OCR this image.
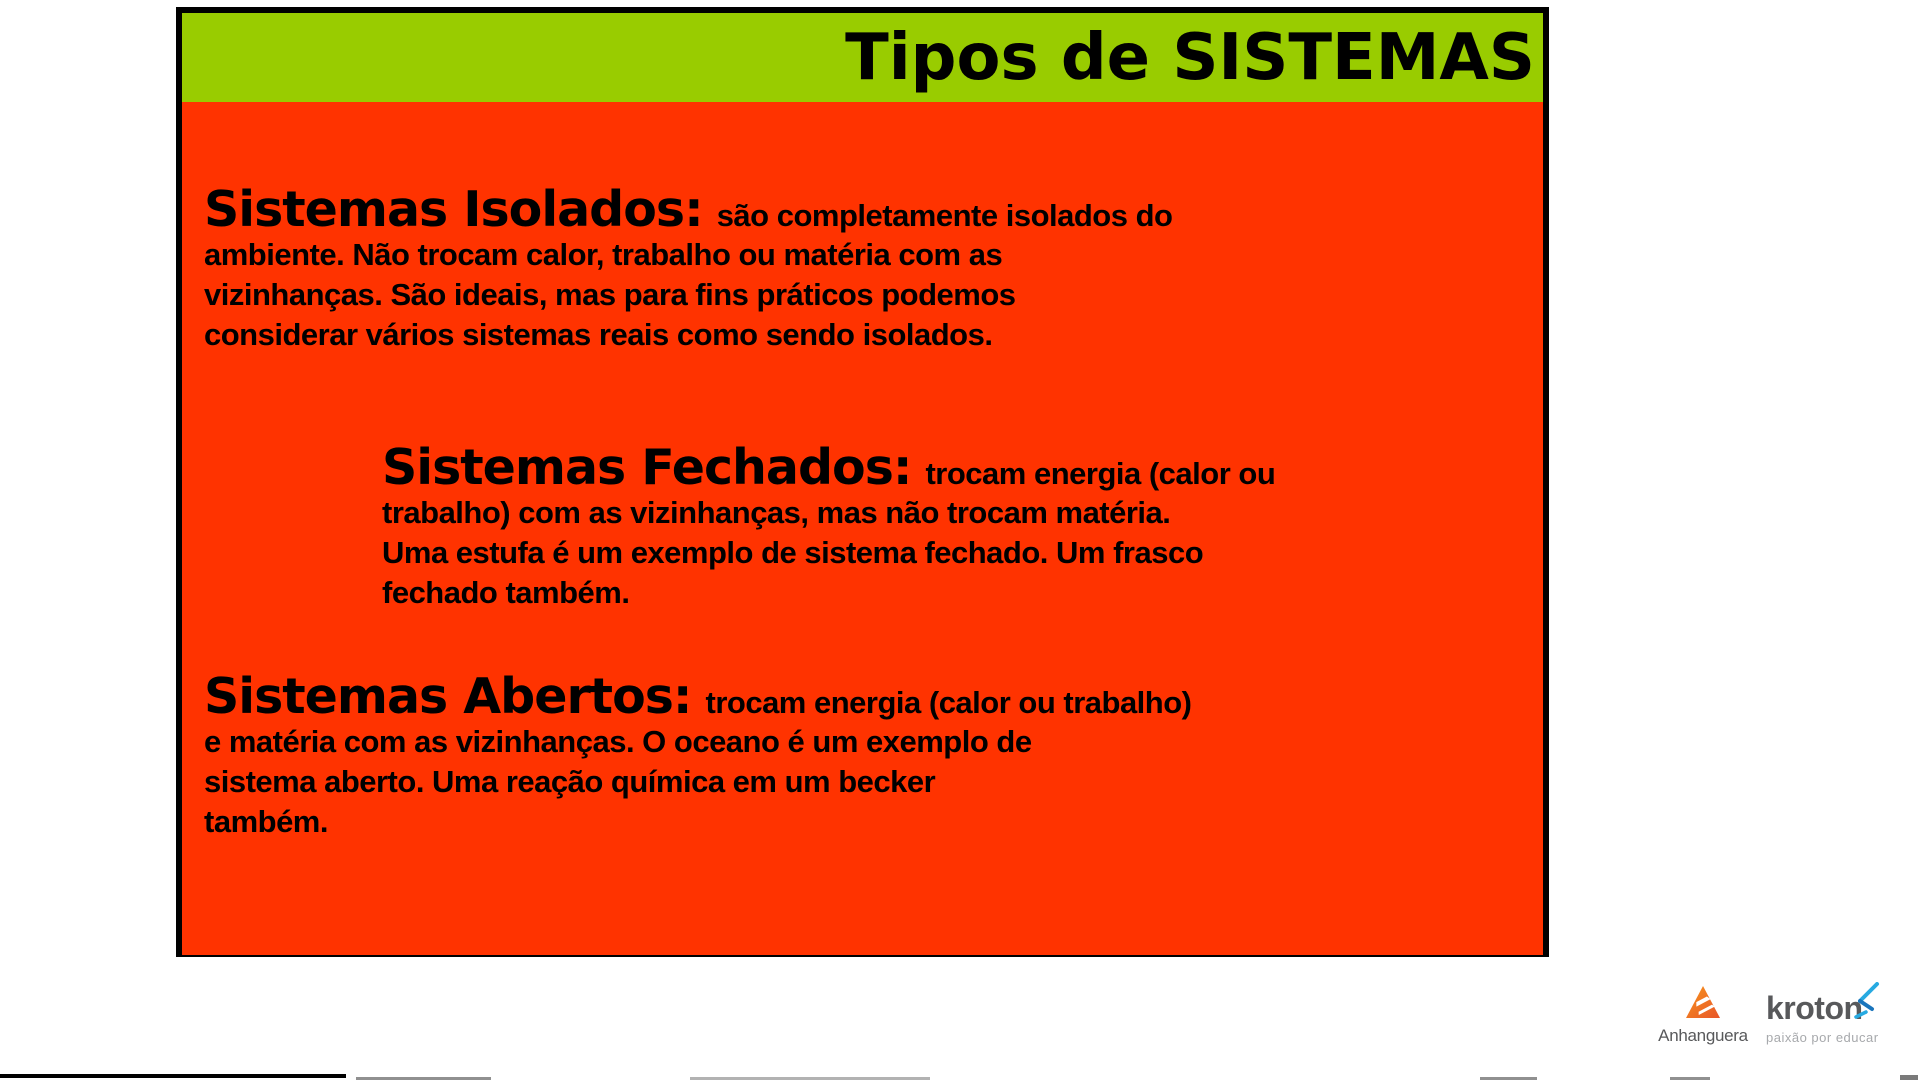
Tipos de SISTEMAS
Sistemas Isolados: são completamente isolados do
ambiente. Não trocam calor, trabalho ou matéria com as
vizinhanças. São ideais, mas para fins práticos podemos
considerar vários sistemas reais como sendo isolados.
Sistemas Fechados: trocam energia (calor ou
trabalho) com as vizinhanças, mas não trocam matéria.
Uma estufa é um exemplo de sistema fechado. Um frasco
fechado também.
Sistemas Abertos: trocam energia (calor ou trabalho)
e matéria com as vizinhanças. O oceano é um exemplo de
sistema aberto. Uma reação química em um becker
também.
Anhanguera
kroton
paixão por educar
